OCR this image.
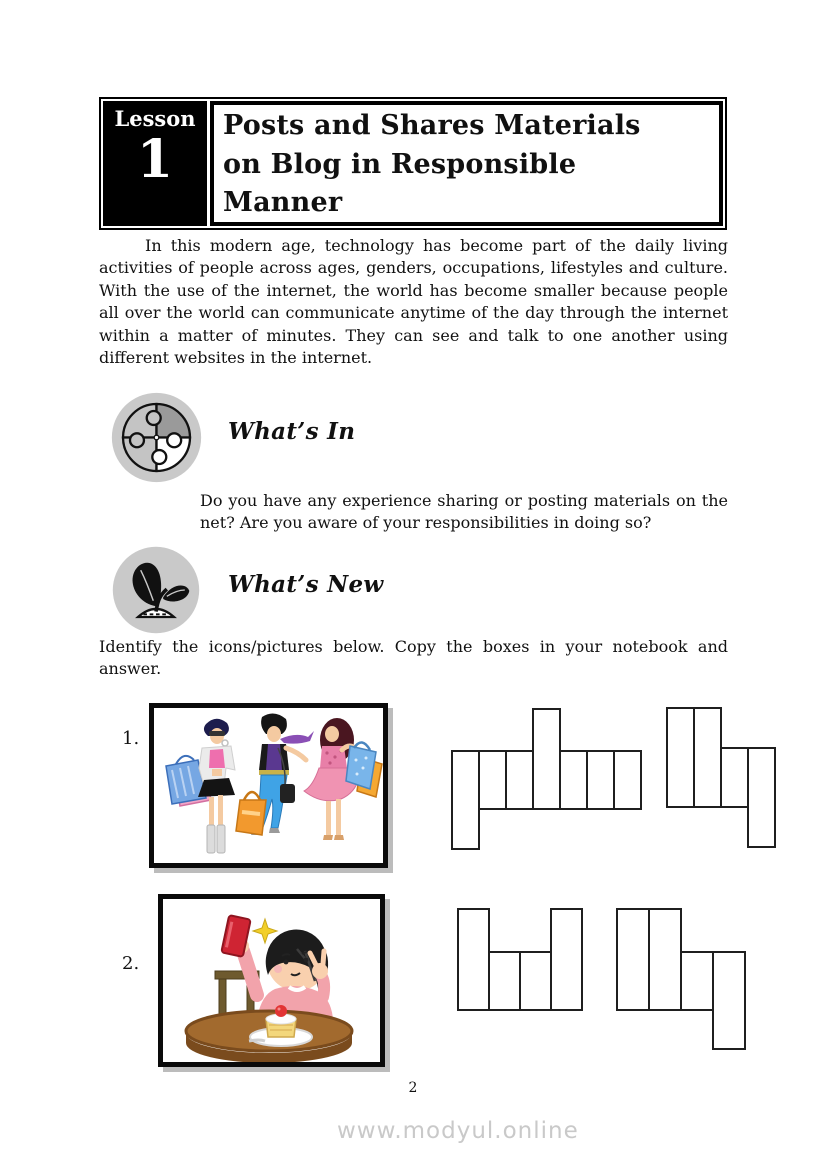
Lesson
1
Posts and Shares Materials
on Blog in Responsible
Manner

In this modern age, technology has become part of the daily living activities of people across ages, genders, occupations, lifestyles and culture. With the use of the internet, the world has become smaller because people all over the world can communicate anytime of the day through the internet within a matter of minutes. They can see and talk to one another using different websites in the internet.

What’s In

Do you have any experience sharing or posting materials on the net? Are you aware of your responsibilities in doing so?

What’s New

Identify the icons/pictures below. Copy the boxes in your notebook and answer.

1.
2.
2
www.modyul.online
